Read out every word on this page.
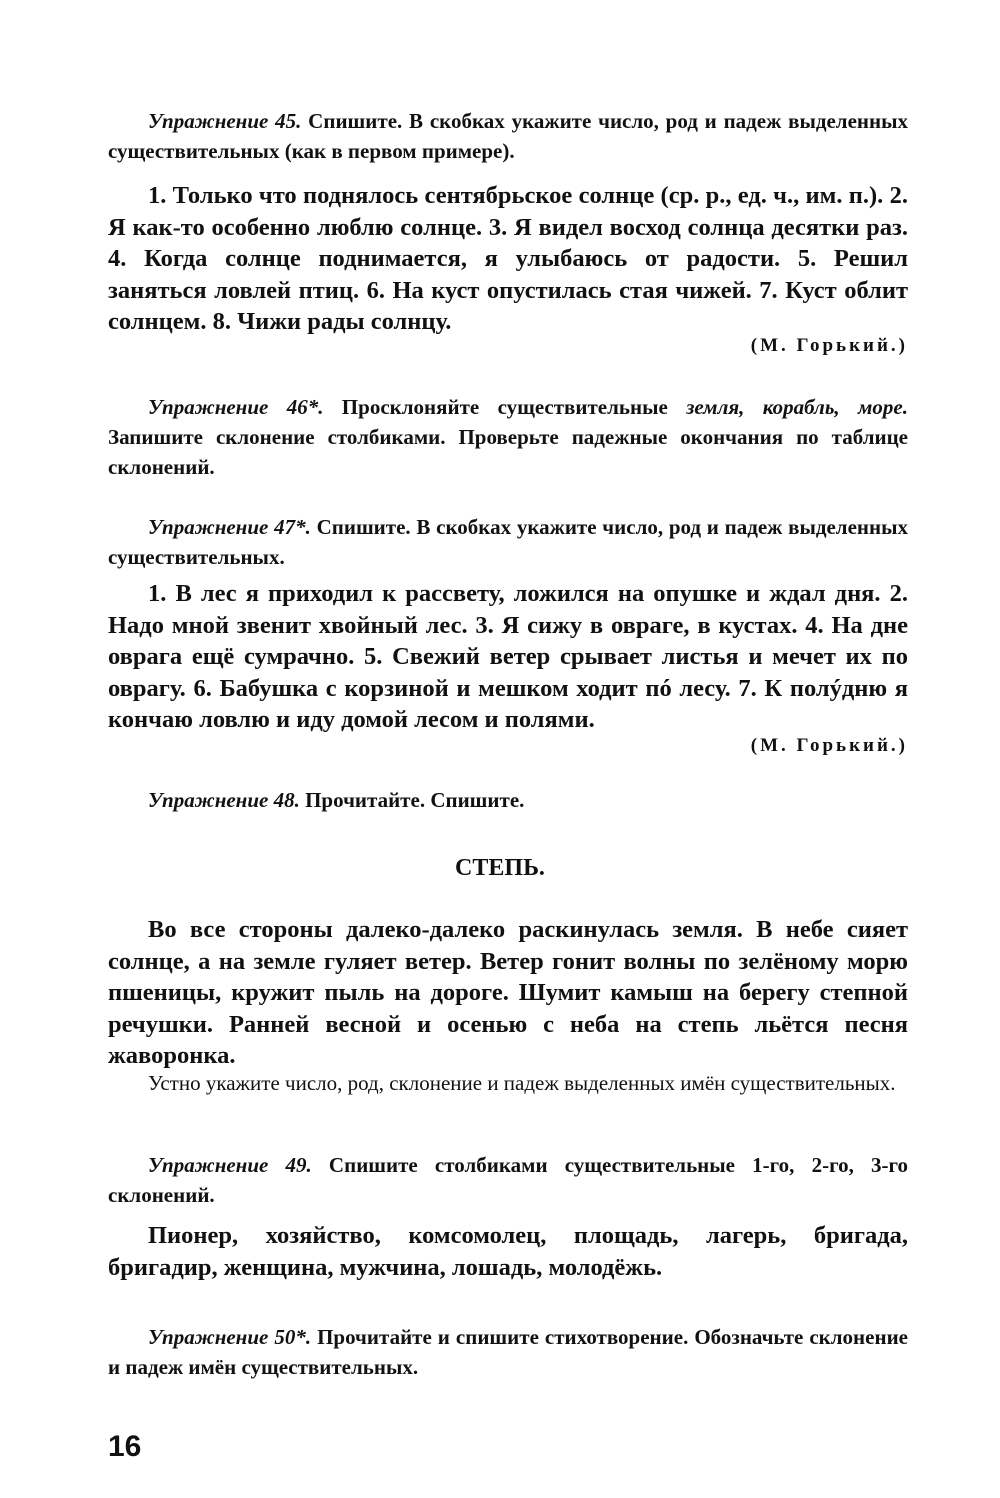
Упражнение 45. Спишите. В скобках укажите число, род и падеж выделенных существительных (как в первом примере).
1. Только что поднялось сентябрьское солнце (ср. р., ед. ч., им. п.). 2. Я как-то особенно люблю солнце. 3. Я видел восход солнца десятки раз. 4. Когда солнце поднимается, я улыбаюсь от радости. 5. Решил заняться ловлей птиц. 6. На куст опустилась стая чижей. 7. Куст облит солнцем. 8. Чижи рады солнцу.
(М. Горький.)
Упражнение 46*. Просклоняйте существительные земля, корабль, море. Запишите склонение столбиками. Проверьте падежные окончания по таблице склонений.
Упражнение 47*. Спишите. В скобках укажите число, род и падеж выделенных существительных.
1. В лес я приходил к рассвету, ложился на опушке и ждал дня. 2. Надо мной звенит хвойный лес. 3. Я сижу в овраге, в кустах. 4. На дне оврага ещё сумрачно. 5. Свежий ветер срывает листья и мечет их по оврагу. 6. Бабушка с корзиной и мешком ходит пó лесу. 7. К полýдню я кончаю ловлю и иду домой лесом и полями.
(М. Горький.)
Упражнение 48. Прочитайте. Спишите.
СТЕПЬ.
Во все стороны далеко-далеко раскинулась земля. В небе сияет солнце, а на земле гуляет ветер. Ветер гонит волны по зелёному морю пшеницы, кружит пыль на дороге. Шумит камыш на берегу степной речушки. Ранней весной и осенью с неба на степь льётся песня жаворонка.
Устно укажите число, род, склонение и падеж выделенных имён существительных.
Упражнение 49. Спишите столбиками существительные 1-го, 2-го, 3-го склонений.
Пионер, хозяйство, комсомолец, площадь, лагерь, бригада, бригадир, женщина, мужчина, лошадь, молодёжь.
Упражнение 50*. Прочитайте и спишите стихотворение. Обозначьте склонение и падеж имён существительных.
16
